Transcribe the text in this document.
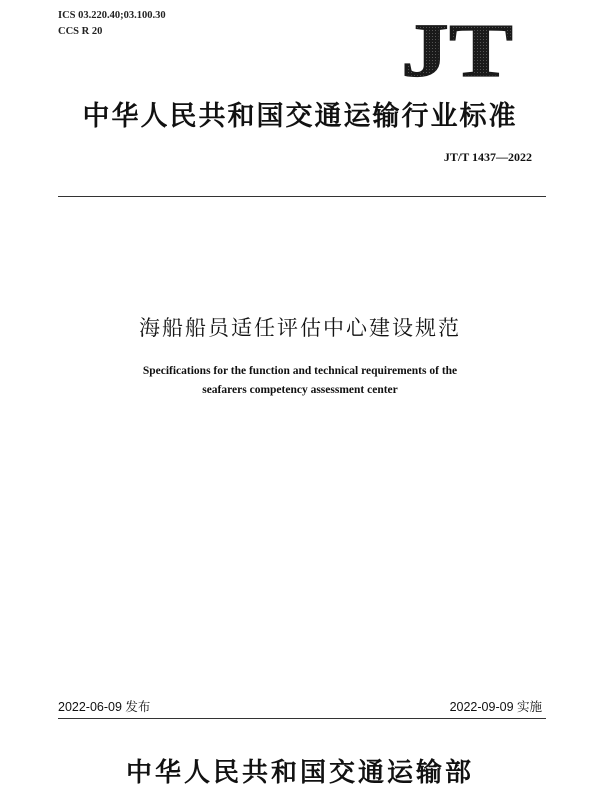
ICS 03.220.40;03.100.30
CCS R 20	JT
中华人民共和国交通运输行业标准
JT/T 1437—2022
海船船员适任评估中心建设规范
Specifications for the function and technical requirements of the
seafarers competency assessment center
2022-06-09 发布	2022-09-09 实施
中华人民共和国交通运输部
